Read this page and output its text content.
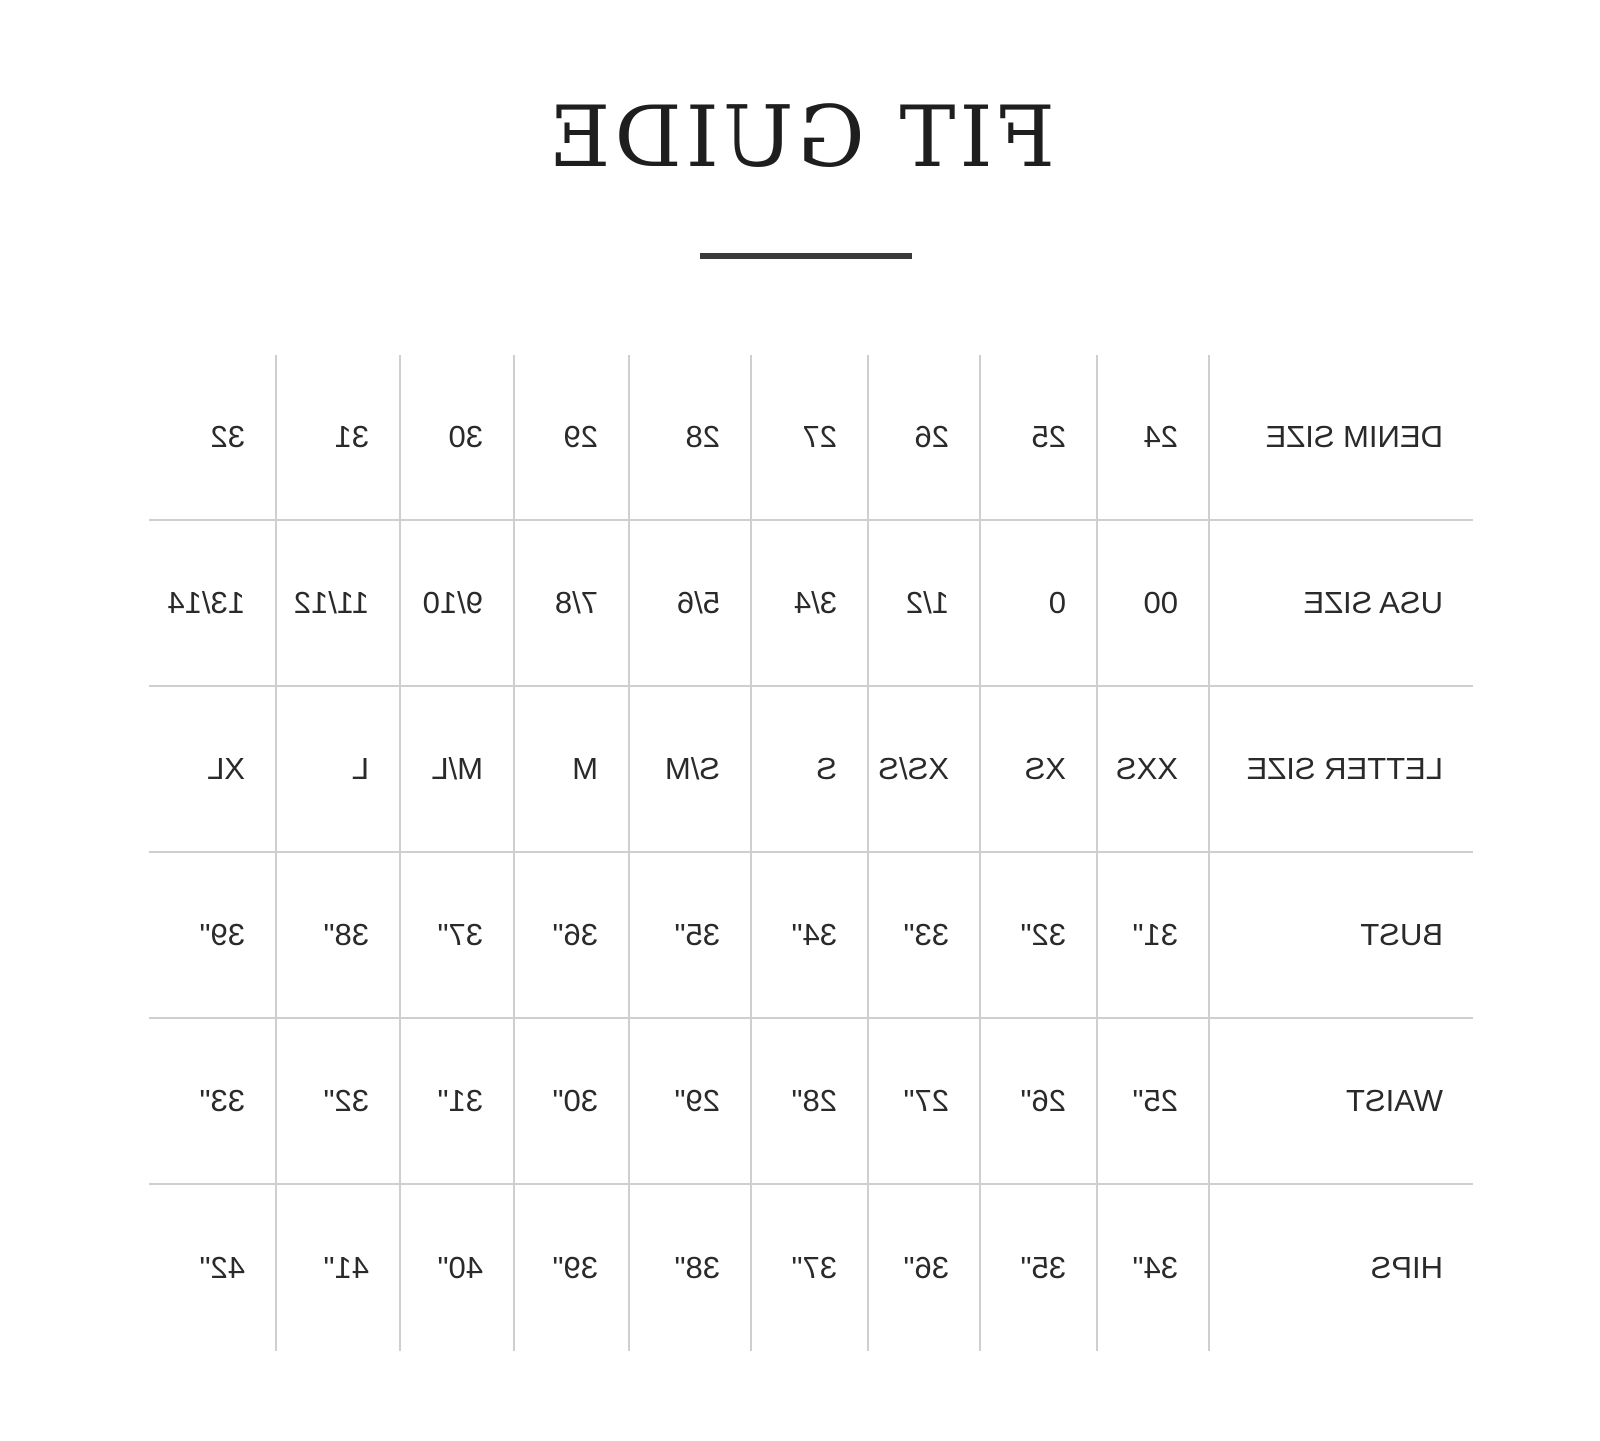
FIT GUIDE
DENIM SIZE
24
25
26
27
28
29
30
31
32
USA SIZE
00
0
1/2
3/4
5/6
7/8
9/10
11/12
13/14
LETTER SIZE
XXS
XS
XS/S
S
S/M
M
M/L
L
XL
BUST
31"
32"
33"
34"
35"
36"
37"
38"
39"
WAIST
25"
26"
27"
28"
29"
30"
31"
32"
33"
HIPS
34"
35"
36"
37"
38"
39"
40"
41"
42"
